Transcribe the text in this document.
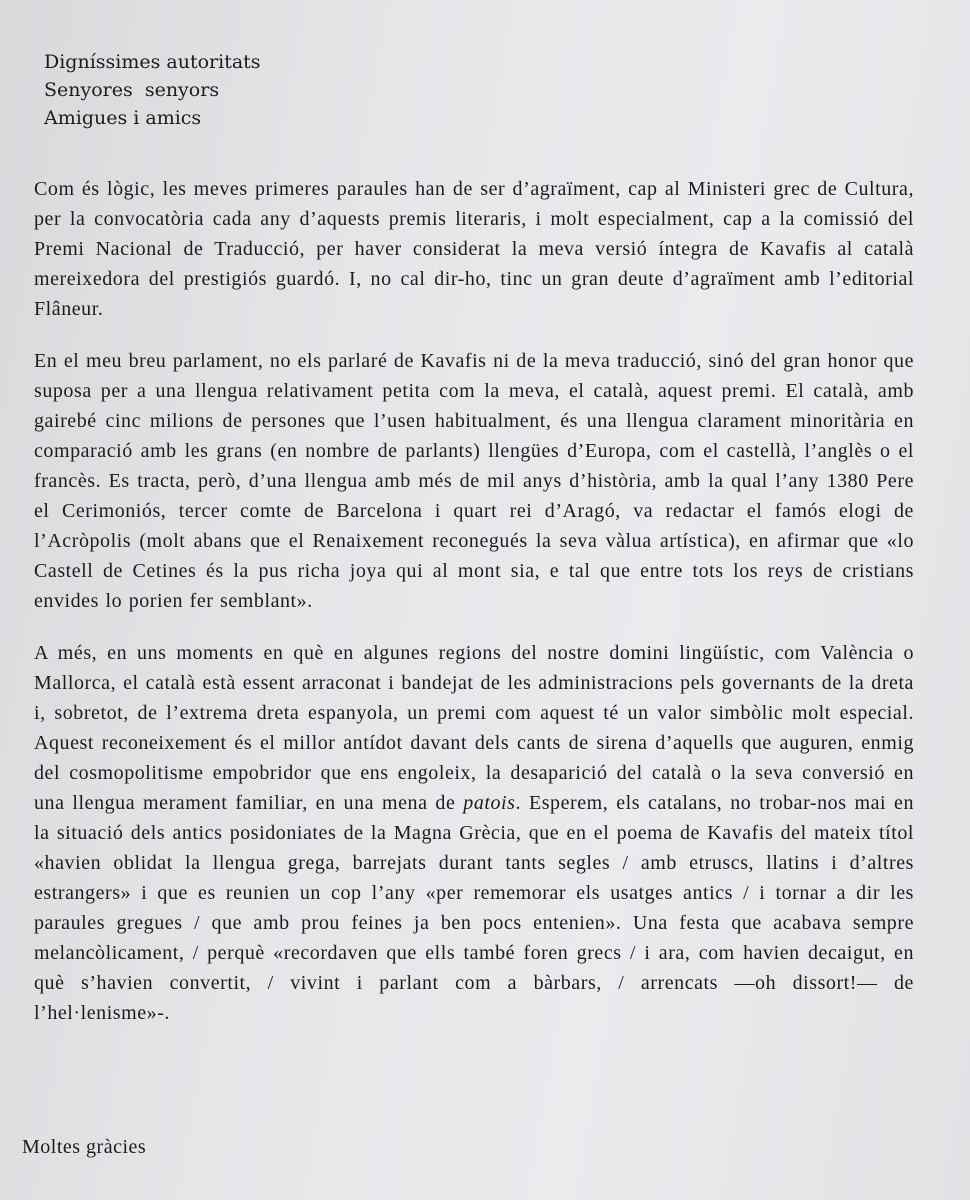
Digníssimes autoritats
Senyores  senyors
Amigues i amics

Com és lògic, les meves primeres paraules han de ser d’agraïment, cap al Ministeri grec de Cultura, per la convocatòria cada any d’aquests premis literaris, i molt especialment, cap a la comissió del Premi Nacional de Traducció, per haver considerat la meva versió íntegra de Kavafis al català mereixedora del prestigiós guardó. I, no cal dir-ho, tinc un gran deute d’agraïment amb l’editorial Flâneur.

En el meu breu parlament, no els parlaré de Kavafis ni de la meva traducció, sinó del gran honor que suposa per a una llengua relativament petita com la meva, el català, aquest premi. El català, amb gairebé cinc milions de persones que l’usen habitualment, és una llengua clarament minoritària en comparació amb les grans (en nombre de parlants) llengües d’Europa, com el castellà, l’anglès o el francès. Es tracta, però, d’una llengua amb més de mil anys d’història, amb la qual l’any 1380 Pere el Cerimoniós, tercer comte de Barcelona i quart rei d’Aragó, va redactar el famós elogi de l’Acròpolis (molt abans que el Renaixement reconegués la seva vàlua artística), en afirmar que «lo Castell de Cetines és la pus richa joya qui al mont sia, e tal que entre tots los reys de cristians envides lo porien fer semblant».

A més, en uns moments en què en algunes regions del nostre domini lingüístic, com València o Mallorca, el català està essent arraconat i bandejat de les administracions pels governants de la dreta i, sobretot, de l’extrema dreta espanyola, un premi com aquest té un valor simbòlic molt especial. Aquest reconeixement és el millor antídot davant dels cants de sirena d’aquells que auguren, enmig del cosmopolitisme empobridor que ens engoleix, la desaparició del català o la seva conversió en una llengua merament familiar, en una mena de patois. Esperem, els catalans, no trobar-nos mai en la situació dels antics posidoniates de la Magna Grècia, que en el poema de Kavafis del mateix títol «havien oblidat la llengua grega, barrejats durant tants segles / amb etruscs, llatins i d’altres estrangers» i que es reunien un cop l’any «per rememorar els usatges antics / i tornar a dir les paraules gregues / que amb prou feines ja ben pocs entenien». Una festa que acabava sempre melancòlicament, / perquè «recordaven que ells també foren grecs / i ara, com havien decaigut, en què s’havien convertit, / vivint i parlant com a bàrbars, / arrencats —oh dissort!— de l’hel·lenisme»-.

Moltes gràcies
